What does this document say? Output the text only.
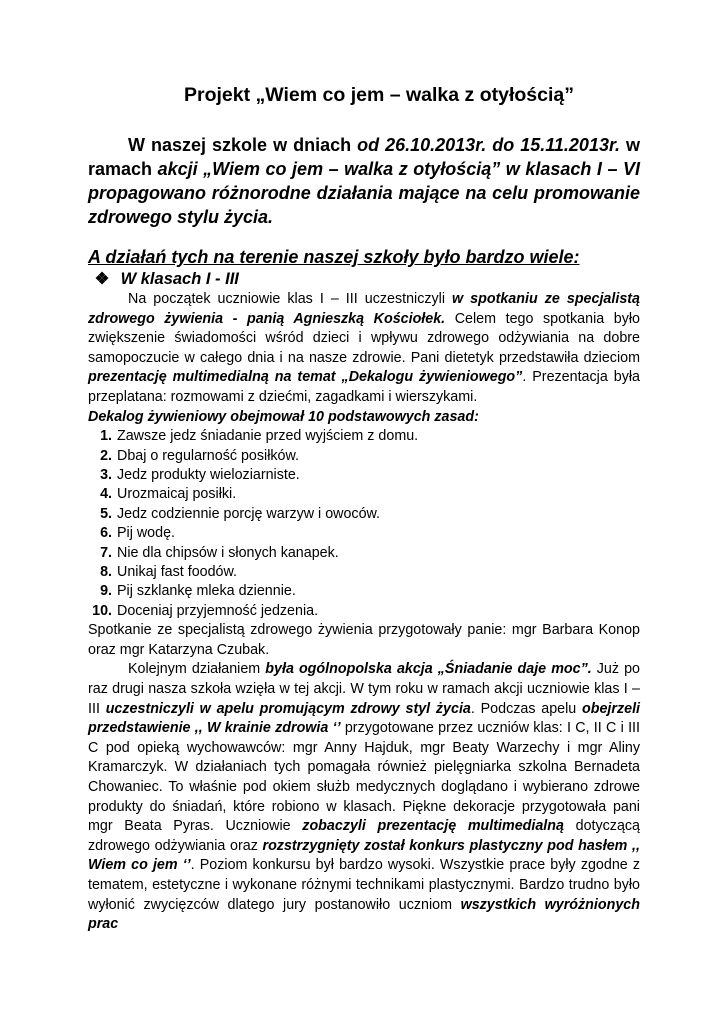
Projekt „Wiem co jem – walka z otyłością”

W naszej szkole w dniach od 26.10.2013r. do 15.11.2013r. w ramach akcji „Wiem co jem – walka z otyłością” w klasach I – VI propagowano różnorodne działania mające na celu promowanie zdrowego stylu życia.

A działań tych na terenie naszej szkoły było bardzo wiele:

❖ W klasach I - III

Na początek uczniowie klas I – III uczestniczyli w spotkaniu ze specjalistą zdrowego żywienia - panią Agnieszką Kościołek. Celem tego spotkania było zwiększenie świadomości wśród dzieci i wpływu zdrowego odżywiania na dobre samopoczucie w całego dnia i na nasze zdrowie. Pani dietetyk przedstawiła dzieciom prezentację multimedialną na temat „Dekalogu żywieniowego”. Prezentacja była przeplatana: rozmowami z dziećmi, zagadkami i wierszykami.

Dekalog żywieniowy obejmował 10 podstawowych zasad:

1. Zawsze jedz śniadanie przed wyjściem z domu.
2. Dbaj o regularność posiłków.
3. Jedz produkty wieloziarniste.
4. Urozmaicaj posiłki.
5. Jedz codziennie porcję warzyw i owoców.
6. Pij wodę.
7. Nie dla chipsów i słonych kanapek.
8. Unikaj fast foodów.
9. Pij szklankę mleka dziennie.
10. Doceniaj przyjemność jedzenia.

Spotkanie ze specjalistą zdrowego żywienia przygotowały panie: mgr Barbara Konop oraz mgr Katarzyna Czubak.

Kolejnym działaniem była ogólnopolska akcja „Śniadanie daje moc”. Już po raz drugi nasza szkoła wzięła w tej akcji. W tym roku w ramach akcji uczniowie klas I – III uczestniczyli w apelu promującym zdrowy styl życia. Podczas apelu obejrzeli przedstawienie ,, W krainie zdrowia ‘’ przygotowane przez uczniów klas: I C, II C i III C pod opieką wychowawców: mgr Anny Hajduk, mgr Beaty Warzechy i mgr Aliny Kramarczyk. W działaniach tych pomagała również pielęgniarka szkolna Bernadeta Chowaniec. To właśnie pod okiem służb medycznych doglądano i wybierano zdrowe produkty do śniadań, które robiono w klasach. Piękne dekoracje przygotowała pani mgr Beata Pyras. Uczniowie zobaczyli prezentację multimedialną dotyczącą zdrowego odżywiania oraz rozstrzygnięty został konkurs plastyczny pod hasłem ,, Wiem co jem ‘’. Poziom konkursu był bardzo wysoki. Wszystkie prace były zgodne z tematem, estetyczne i wykonane różnymi technikami plastycznymi. Bardzo trudno było wyłonić zwycięzców dlatego jury postanowiło uczniom wszystkich wyróżnionych prac
